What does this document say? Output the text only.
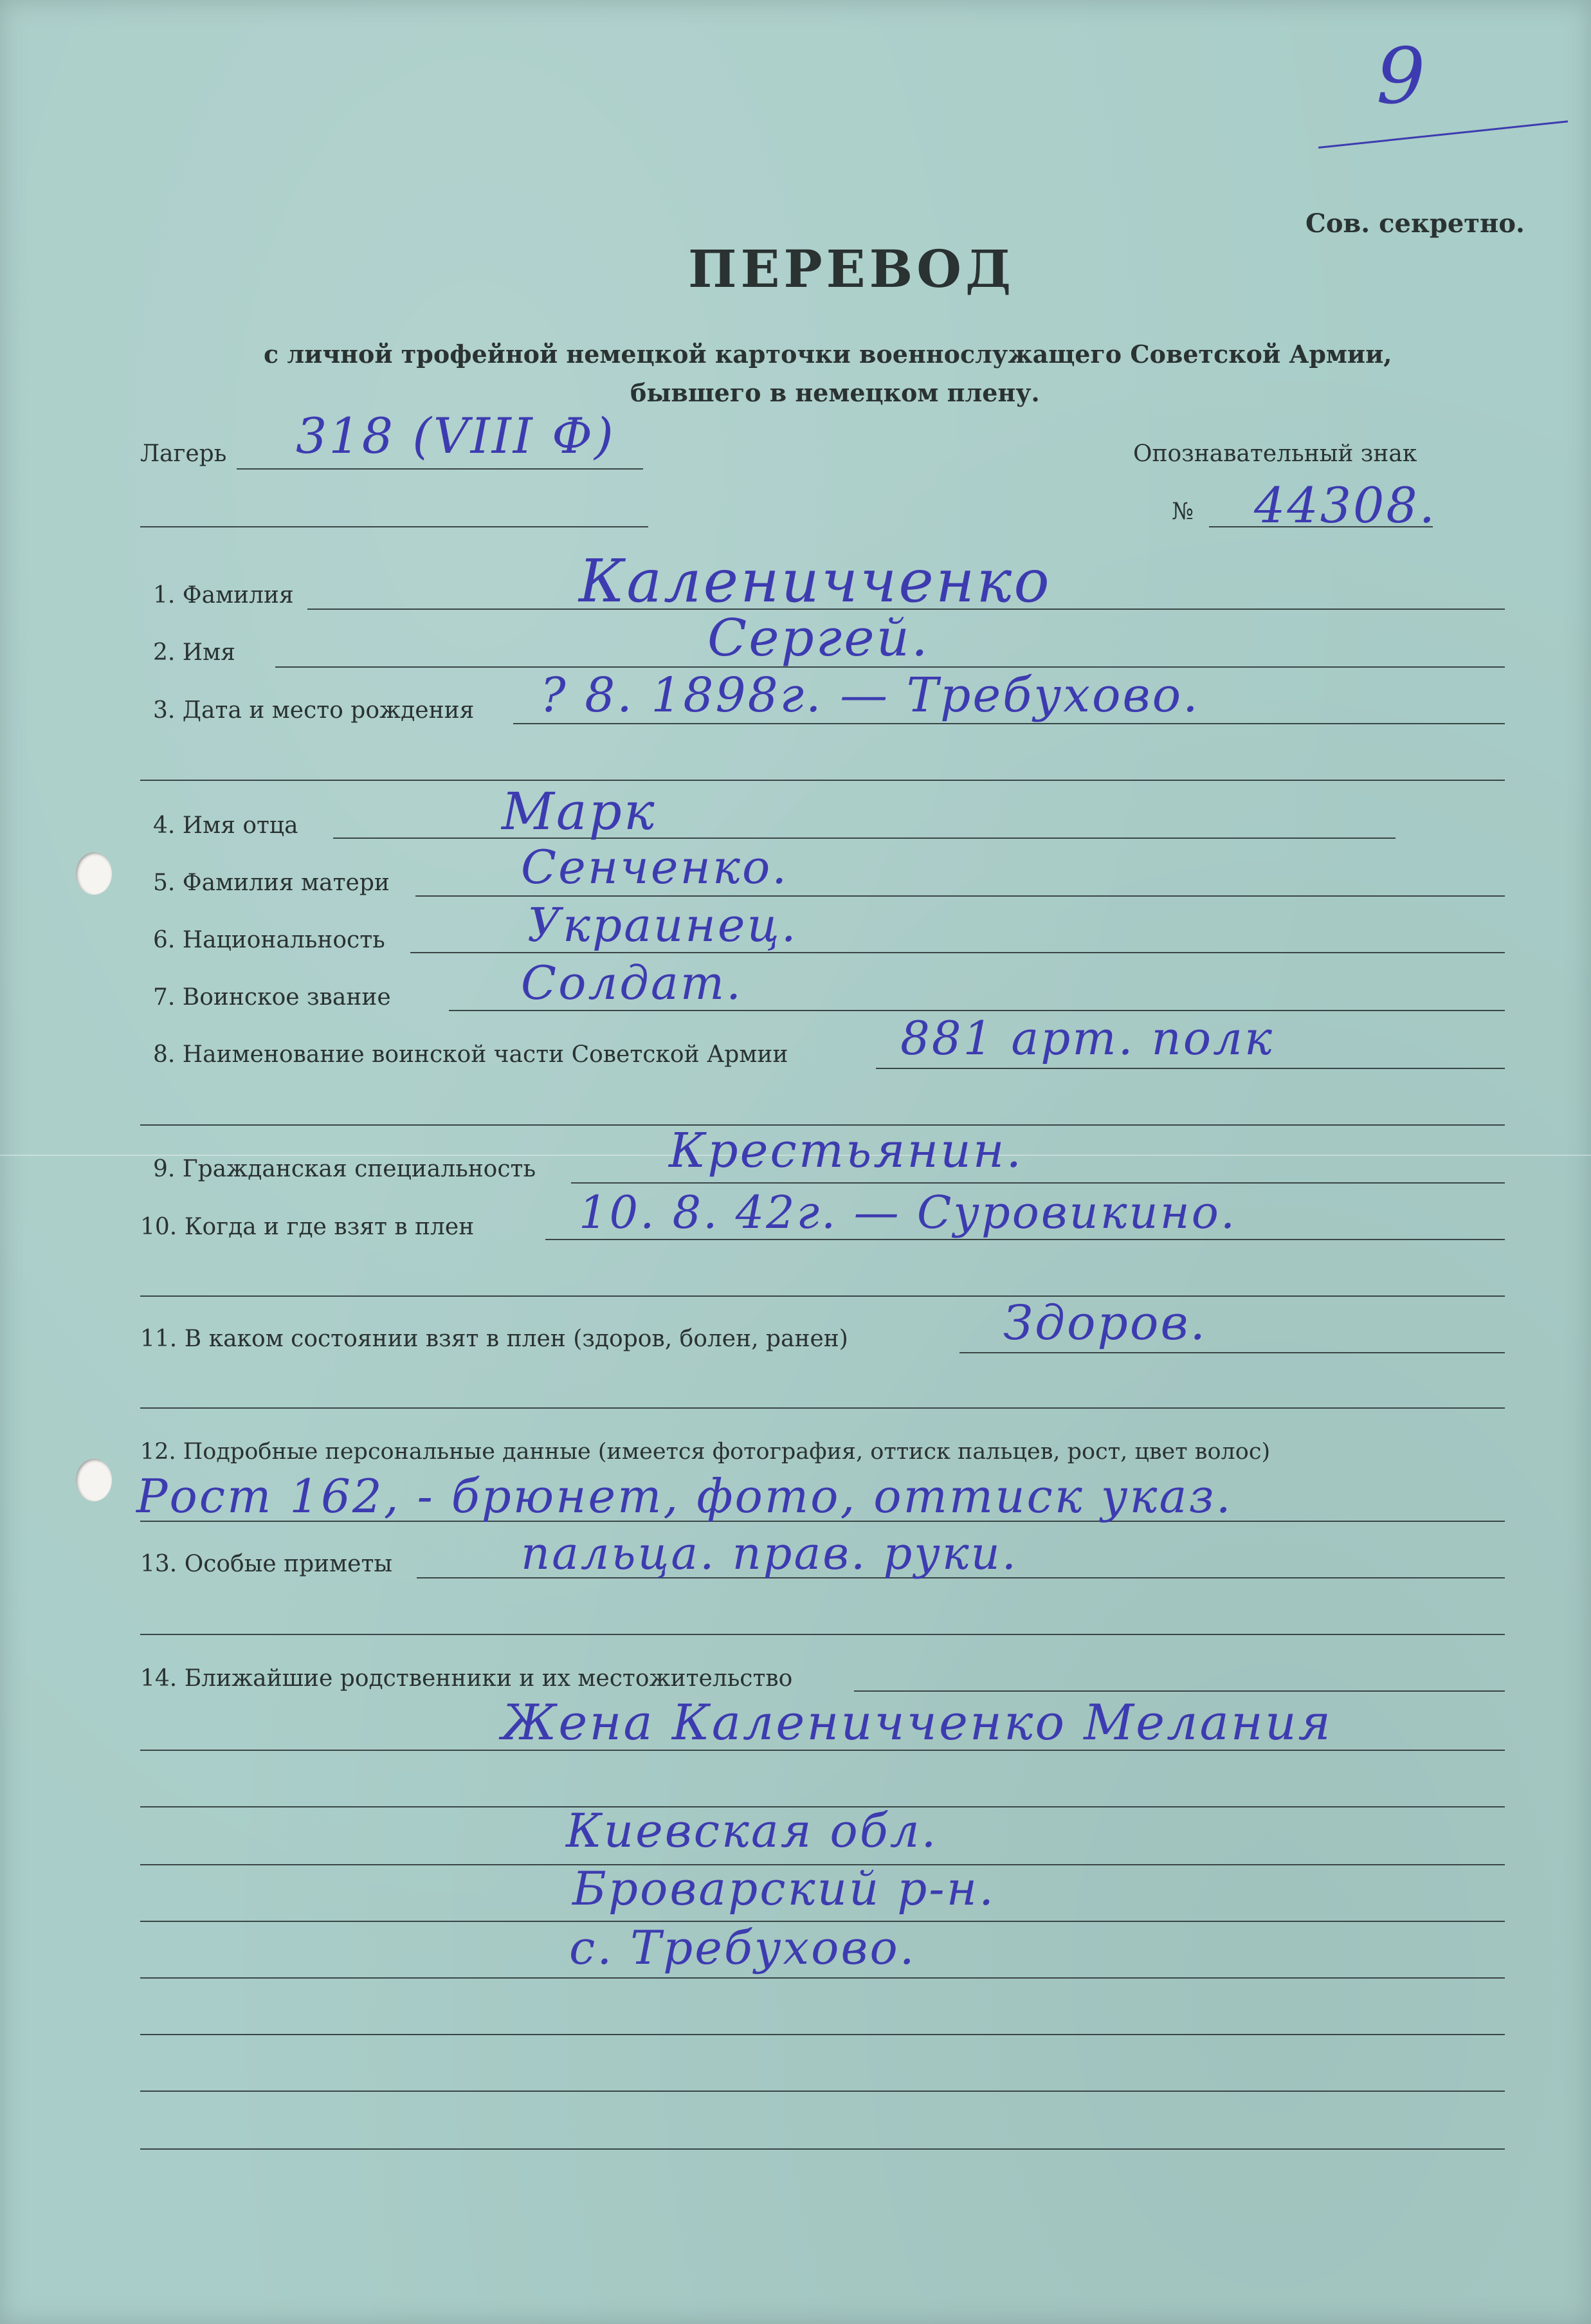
9
Сов. секретно.
ПЕРЕВОД
с личной трофейной немецкой карточки военнослужащего Советской Армии,
бывшего в немецком плену.
Лагерь 318 (VIII Ф)	Опознавательный знак
№ 44308.
1. Фамилия	Каленичченко
2. Имя	Сергей.
3. Дата и место рождения ? 8. 1898г. — Требухово.
4. Имя отца	Марк
5. Фамилия матери	Сенченко.
6. Национальность	Украинец.
7. Воинское звание	Солдат.
8. Наименование воинской части Советской Армии 881 арт. полк
9. Гражданская специальность	Крестьянин.
10. Когда и где взят в плен 10. 8. 42г. — Суровикино.
11. В каком состоянии взят в плен (здоров, болен, ранен)	Здоров.
12. Подробные персональные данные (имеется фотография, оттиск пальцев, рост, цвет волос)
Рост 162, - брюнет, фото, оттиск указ.
13. Особые приметы	пальца. прав. руки.
14. Ближайшие родственники и их местожительство
Жена Каленичченко Мелания
Киевская обл.
Броварский р-н.
с. Требухово.
